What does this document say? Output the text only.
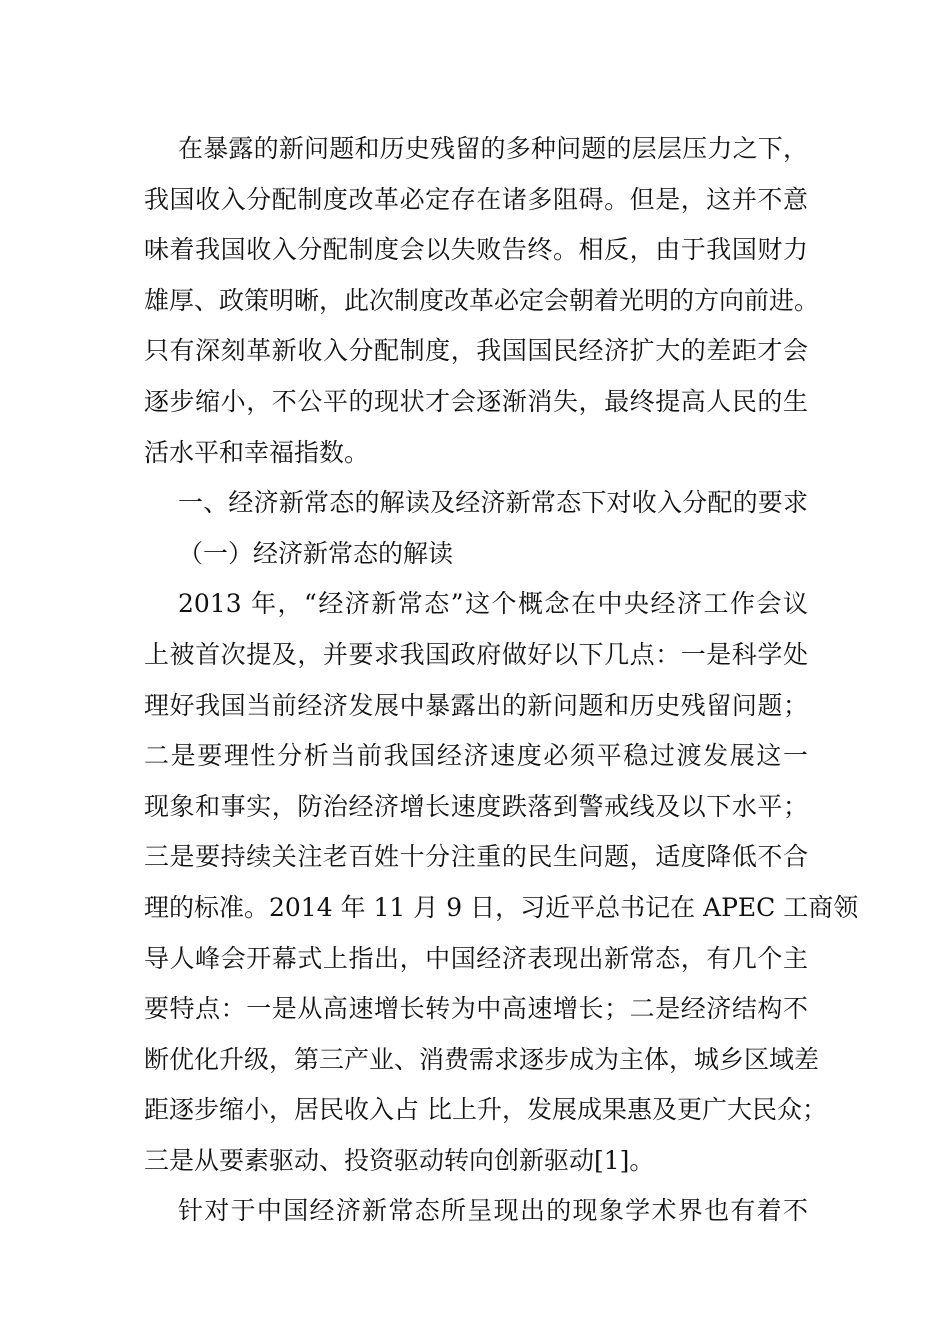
在暴露的新问题和历史残留的多种问题的层层压力之下，
我国收入分配制度改革必定存在诸多阻碍。但是，这并不意
味着我国收入分配制度会以失败告终。相反，由于我国财力
雄厚、政策明晰，此次制度改革必定会朝着光明的方向前进。
只有深刻革新收入分配制度，我国国民经济扩大的差距才会
逐步缩小，不公平的现状才会逐渐消失，最终提高人民的生
活水平和幸福指数。
一、经济新常态的解读及经济新常态下对收入分配的要求
（一）经济新常态的解读
2013 年，“经济新常态”这个概念在中央经济工作会议
上被首次提及，并要求我国政府做好以下几点：一是科学处
理好我国当前经济发展中暴露出的新问题和历史残留问题；
二是要理性分析当前我国经济速度必须平稳过渡发展这一
现象和事实，防治经济增长速度跌落到警戒线及以下水平；
三是要持续关注老百姓十分注重的民生问题，适度降低不合
理的标准。2014 年 11 月 9 日，习近平总书记在 APEC 工商领
导人峰会开幕式上指出，中国经济表现出新常态，有几个主
要特点：一是从高速增长转为中高速增长；二是经济结构不
断优化升级，第三产业、消费需求逐步成为主体，城乡区域差
距逐步缩小，居民收入占 比上升，发展成果惠及更广大民众；
三是从要素驱动、投资驱动转向创新驱动[1]。
针对于中国经济新常态所呈现出的现象学术界也有着不
